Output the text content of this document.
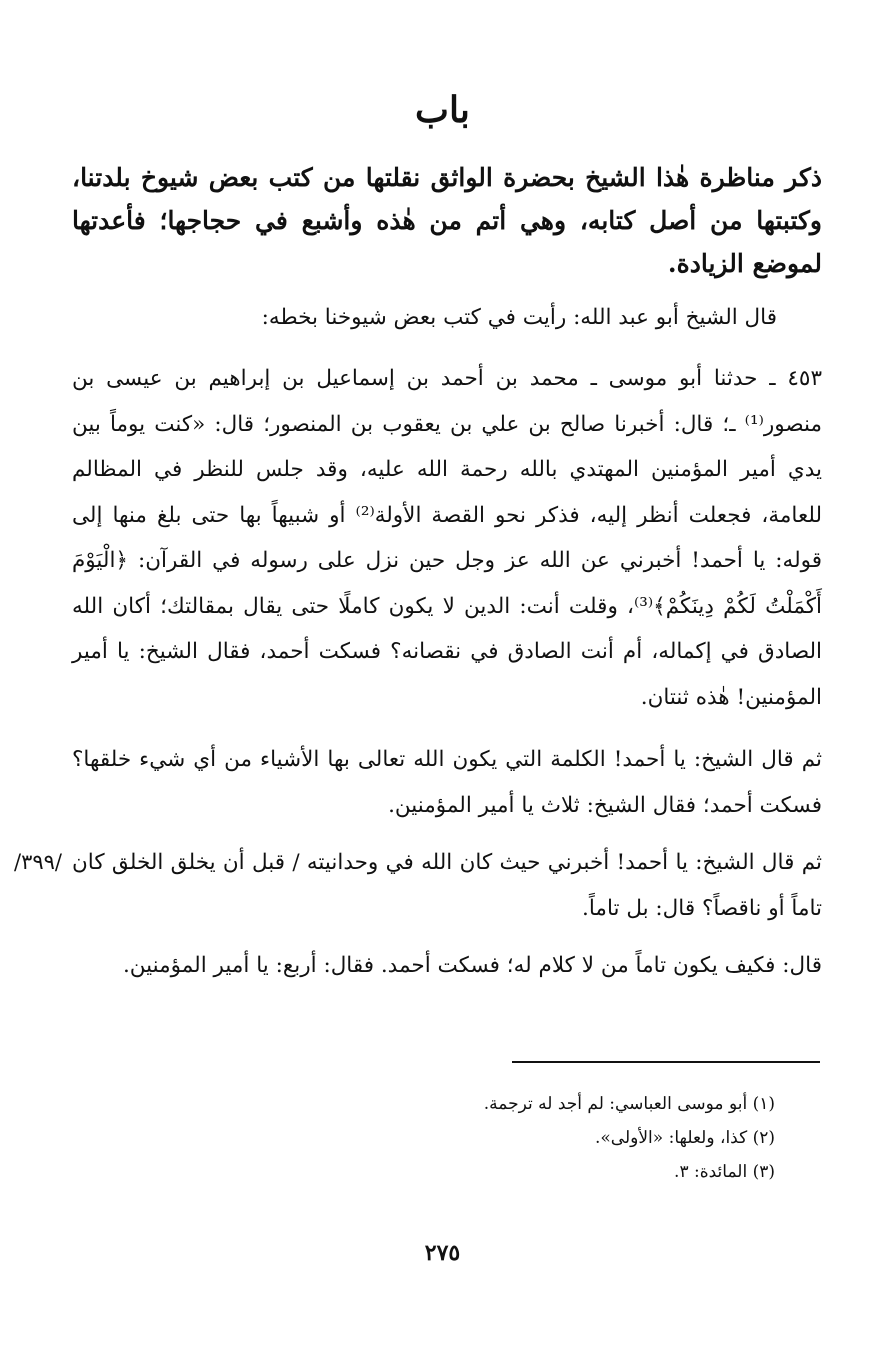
باب
ذكر مناظرة هٰذا الشيخ بحضرة الواثق نقلتها من كتب بعض شيوخ بلدتنا، وكتبتها من أصل كتابه، وهي أتم من هٰذه وأشبع في حجاجها؛ فأعدتها لموضع الزيادة.
قال الشيخ أبو عبد الله: رأيت في كتب بعض شيوخنا بخطه:
٤٥٣ ـ حدثنا أبو موسى ـ محمد بن أحمد بن إسماعيل بن إبراهيم بن عيسى بن منصور⁽¹⁾ ـ؛ قال: أخبرنا صالح بن علي بن يعقوب بن المنصور؛ قال: «كنت يوماً بين يدي أمير المؤمنين المهتدي بالله رحمة الله عليه، وقد جلس للنظر في المظالم للعامة، فجعلت أنظر إليه، فذكر نحو القصة الأولة⁽²⁾ أو شبيهاً بها حتى بلغ منها إلى قوله: يا أحمد! أخبرني عن الله عز وجل حين نزل على رسوله في القرآن: ﴿الْيَوْمَ أَكْمَلْتُ لَكُمْ دِينَكُمْ﴾⁽³⁾، وقلت أنت: الدين لا يكون كاملًا حتى يقال بمقالتك؛ أكان الله الصادق في إكماله، أم أنت الصادق في نقصانه؟ فسكت أحمد، فقال الشيخ: يا أمير المؤمنين! هٰذه ثنتان.
ثم قال الشيخ: يا أحمد! الكلمة التي يكون الله تعالى بها الأشياء من أي شيء خلقها؟ فسكت أحمد؛ فقال الشيخ: ثلاث يا أمير المؤمنين.
ثم قال الشيخ: يا أحمد! أخبرني حيث كان الله في وحدانيته / قبل أن يخلق الخلق كان تاماً أو ناقصاً؟ قال: بل تاماً.
قال: فكيف يكون تاماً من لا كلام له؛ فسكت أحمد. فقال: أربع: يا أمير المؤمنين.
/٣٩٩/
(١) أبو موسى العباسي: لم أجد له ترجمة.
(٢) كذا، ولعلها: «الأولى».
(٣) المائدة: ٣.
٢٧٥
